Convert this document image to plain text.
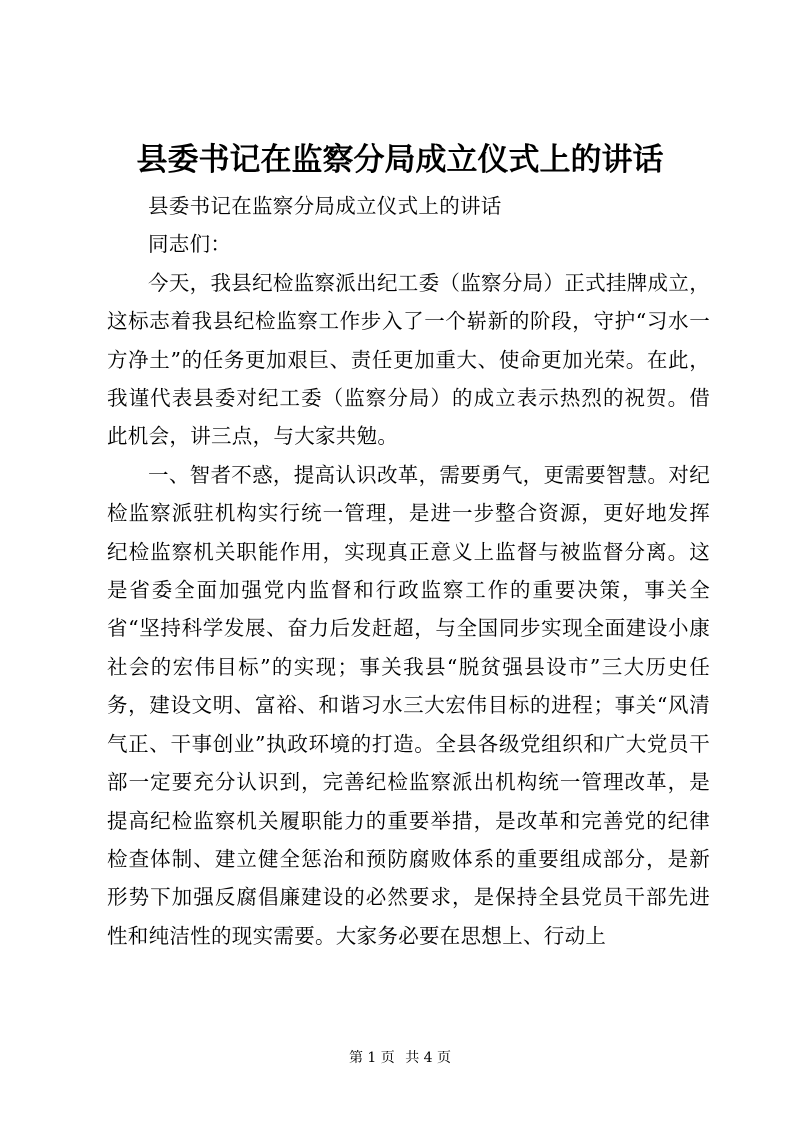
县委书记在监察分局成立仪式上的讲话

县委书记在监察分局成立仪式上的讲话

同志们：

今天，我县纪检监察派出纪工委（监察分局）正式挂牌成立，这标志着我县纪检监察工作步入了一个崭新的阶段，守护“习水一方净土”的任务更加艰巨、责任更加重大、使命更加光荣。在此，我谨代表县委对纪工委（监察分局）的成立表示热烈的祝贺。借此机会，讲三点，与大家共勉。

一、智者不惑，提高认识改革，需要勇气，更需要智慧。对纪检监察派驻机构实行统一管理，是进一步整合资源，更好地发挥纪检监察机关职能作用，实现真正意义上监督与被监督分离。这是省委全面加强党内监督和行政监察工作的重要决策，事关全省“坚持科学发展、奋力后发赶超，与全国同步实现全面建设小康社会的宏伟目标”的实现；事关我县“脱贫强县设市”三大历史任务，建设文明、富裕、和谐习水三大宏伟目标的进程；事关“风清气正、干事创业”执政环境的打造。全县各级党组织和广大党员干部一定要充分认识到，完善纪检监察派出机构统一管理改革，是提高纪检监察机关履职能力的重要举措，是改革和完善党的纪律检查体制、建立健全惩治和预防腐败体系的重要组成部分，是新形势下加强反腐倡廉建设的必然要求，是保持全县党员干部先进性和纯洁性的现实需要。大家务必要在思想上、行动上

第 1 页 共 4 页
